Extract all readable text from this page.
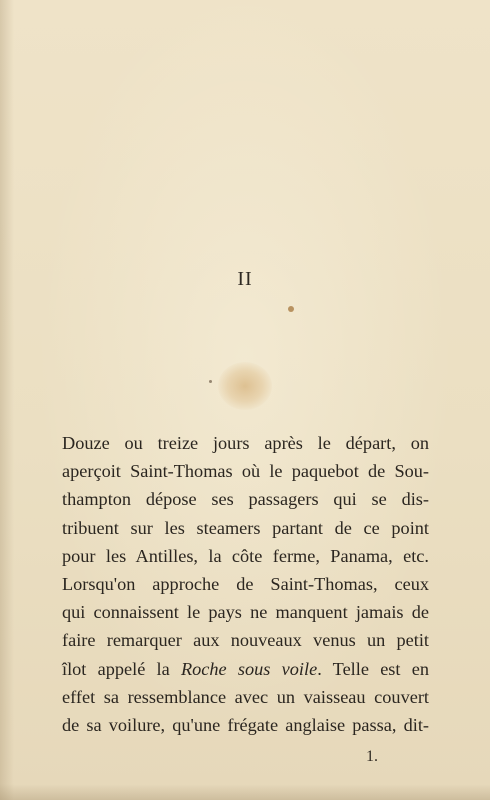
II
Douze ou treize jours après le départ, on
aperçoit Saint-Thomas où le paquebot de Sou-
thampton dépose ses passagers qui se dis-
tribuent sur les steamers partant de ce point
pour les Antilles, la côte ferme, Panama, etc.
Lorsqu'on approche de Saint-Thomas, ceux
qui connaissent le pays ne manquent jamais de
faire remarquer aux nouveaux venus un petit
îlot appelé la Roche sous voile. Telle est en
effet sa ressemblance avec un vaisseau couvert
de sa voilure, qu'une frégate anglaise passa, dit-
1.
